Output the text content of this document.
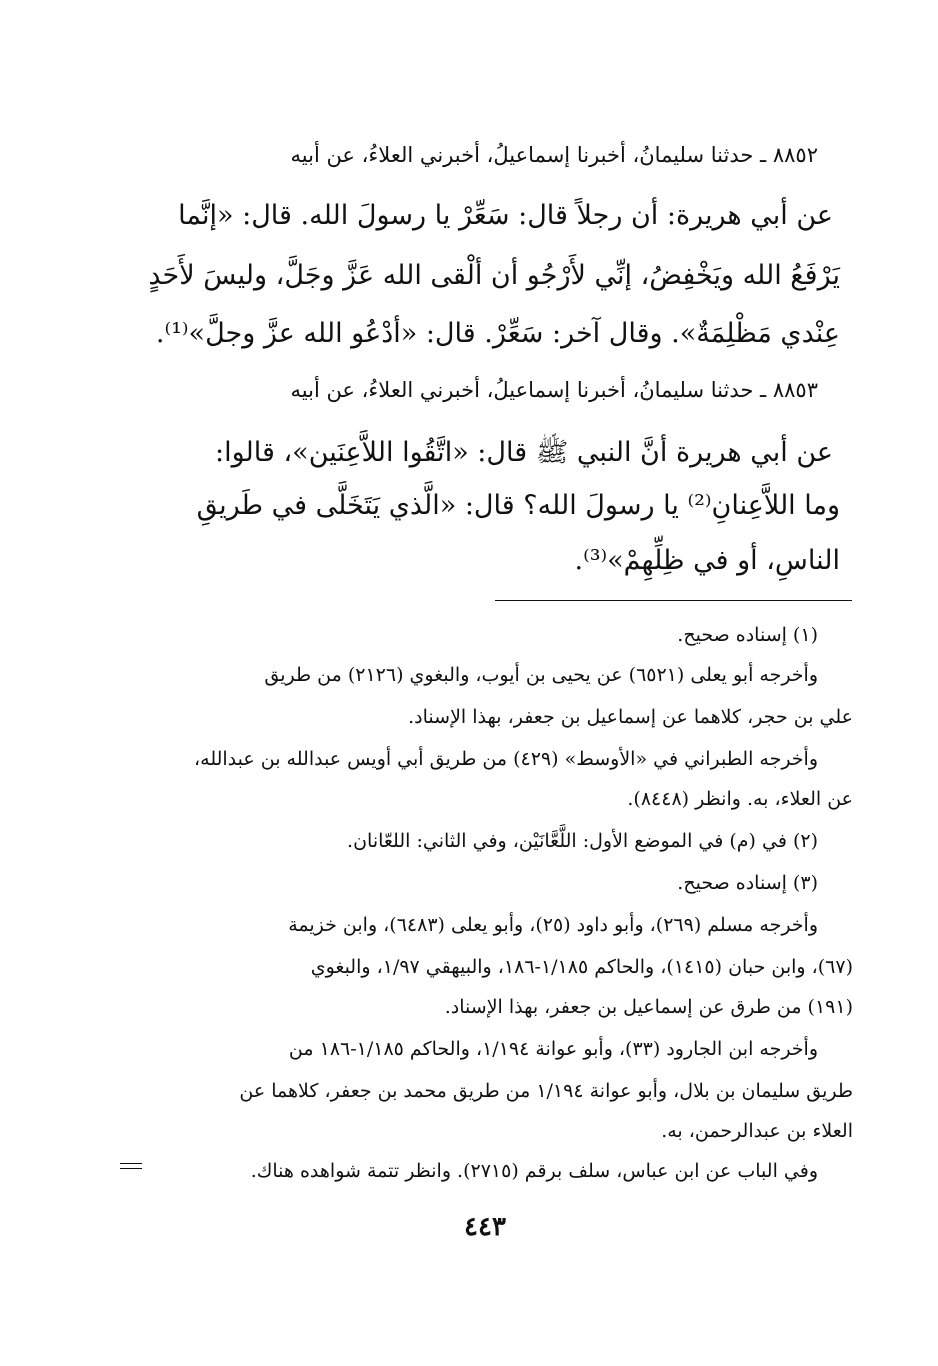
٨٨٥٢ ـ حدثنا سليمانُ، أخبرنا إسماعيلُ، أخبرني العلاءُ، عن أبيه
عن أبي هريرة: أن رجلاً قال: سَعِّرْ يا رسولَ الله. قال: «إنَّما
يَرْفَعُ الله ويَخْفِضُ، إنِّي لأَرْجُو أن ألْقى الله عَزَّ وجَلَّ، وليسَ لأَحَدٍ
عِنْدي مَظْلِمَةٌ». وقال آخر: سَعِّرْ. قال: «أدْعُو الله عزَّ وجلَّ»⁽¹⁾.
٨٨٥٣ ـ حدثنا سليمانُ، أخبرنا إسماعيلُ، أخبرني العلاءُ، عن أبيه
عن أبي هريرة أنَّ النبي ﷺ قال: «اتَّقُوا اللاَّعِنَين»، قالوا:
وما اللاَّعِنانِ⁽²⁾ يا رسولَ الله؟ قال: «الَّذي يَتَخَلَّى في طَريقِ
الناسِ، أو في ظِلِّهِمْ»⁽³⁾.
(١) إسناده صحيح.
وأخرجه أبو يعلى (٦٥٢١) عن يحيى بن أيوب، والبغوي (٢١٢٦) من طريق
علي بن حجر، كلاهما عن إسماعيل بن جعفر، بهذا الإسناد.
وأخرجه الطبراني في «الأوسط» (٤٢٩) من طريق أبي أويس عبدالله بن عبدالله،
عن العلاء، به. وانظر (٨٤٤٨).
(٢) في (م) في الموضع الأول: اللَّعَّانَيْن، وفي الثاني: اللعّانان.
(٣) إسناده صحيح.
وأخرجه مسلم (٢٦٩)، وأبو داود (٢٥)، وأبو يعلى (٦٤٨٣)، وابن خزيمة
(٦٧)، وابن حبان (١٤١٥)، والحاكم ١/١٨٥-١٨٦، والبيهقي ١/٩٧، والبغوي
(١٩١) من طرق عن إسماعيل بن جعفر، بهذا الإسناد.
وأخرجه ابن الجارود (٣٣)، وأبو عوانة ١/١٩٤، والحاكم ١/١٨٥-١٨٦ من
طريق سليمان بن بلال، وأبو عوانة ١/١٩٤ من طريق محمد بن جعفر، كلاهما عن
العلاء بن عبدالرحمن، به.
وفي الباب عن ابن عباس، سلف برقم (٢٧١٥). وانظر تتمة شواهده هناك.
٤٤٣
